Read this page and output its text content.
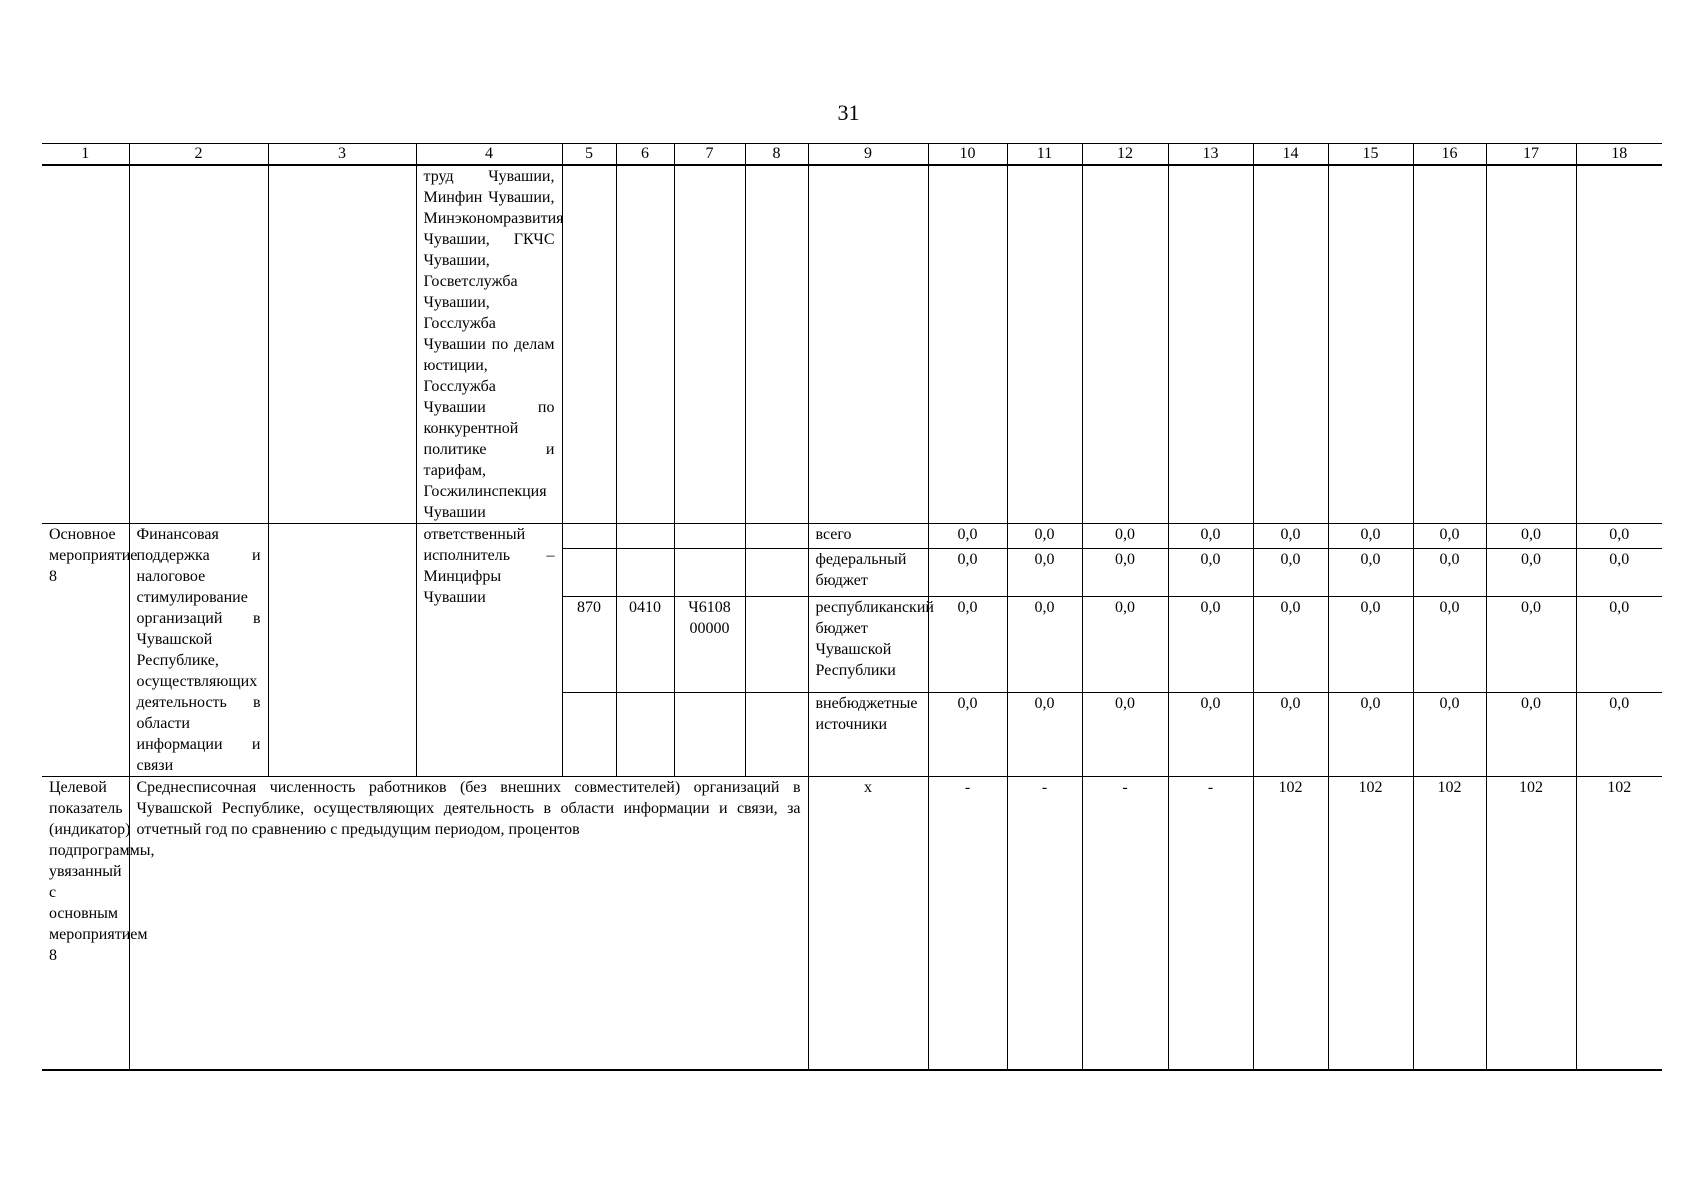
31
1	2	3	4	5	6	7	8	9	10	11	12	13	14	15	16	17	18
			труд Чувашии, Минфин Чувашии, Минэкономразвития Чувашии, ГКЧС Чувашии, Госветслужба Чувашии, Госслужба Чувашии по делам юстиции, Госслужба Чувашии по конкурентной политике и тарифам, Госжилинспекция Чувашии														
Основное мероприятие 8	Финансовая поддержка и налоговое стимулирование организаций в Чувашской Республике, осуществляющих деятельность в области информации и связи		ответственный исполнитель – Минцифры Чувашии					всего	0,0	0,0	0,0	0,0	0,0	0,0	0,0	0,0	0,0
								федеральный бюджет	0,0	0,0	0,0	0,0	0,0	0,0	0,0	0,0	0,0
				870	0410	Ч6108 00000		республиканский бюджет Чувашской Республики	0,0	0,0	0,0	0,0	0,0	0,0	0,0	0,0	0,0
								внебюджетные источники	0,0	0,0	0,0	0,0	0,0	0,0	0,0	0,0	0,0
Целевой показатель (индикатор) подпрограммы, увязанный с основным мероприятием 8	Среднесписочная численность работников (без внешних совместителей) организаций в Чувашской Республике, осуществляющих деятельность в области информации и связи, за отчетный год по сравнению с предыдущим периодом, процентов							х	-	-	-	-	102	102	102	102	102
